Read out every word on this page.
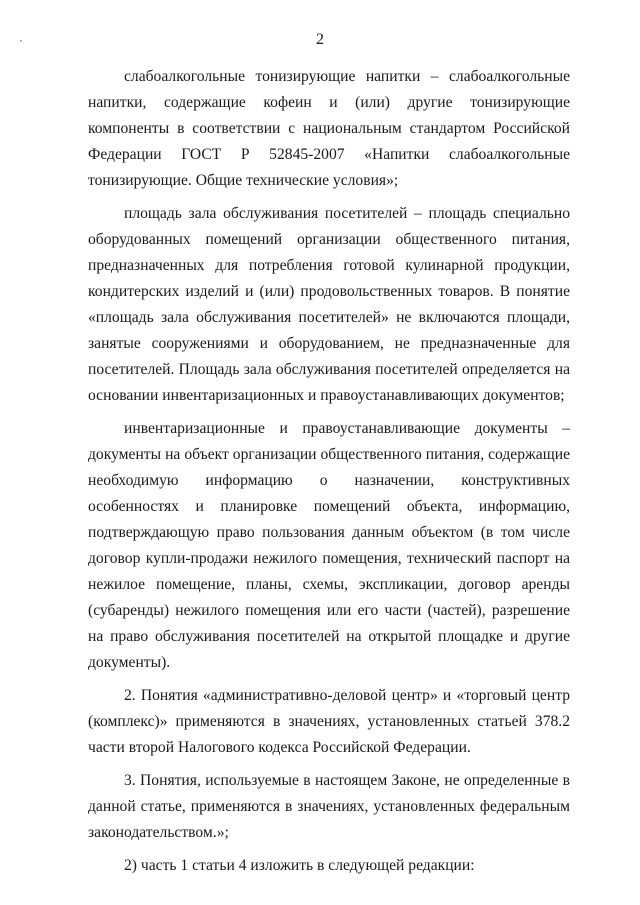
2

слабоалкогольные тонизирующие напитки – слабоалкогольные напитки, содержащие кофеин и (или) другие тонизирующие компоненты в соответствии с национальным стандартом Российской Федерации ГОСТ Р 52845-2007 «Напитки слабоалкогольные тонизирующие. Общие технические условия»;

площадь зала обслуживания посетителей – площадь специально оборудованных помещений организации общественного питания, предназначенных для потребления готовой кулинарной продукции, кондитерских изделий и (или) продовольственных товаров. В понятие «площадь зала обслуживания посетителей» не включаются площади, занятые сооружениями и оборудованием, не предназначенные для посетителей. Площадь зала обслуживания посетителей определяется на основании инвентаризационных и правоустанавливающих документов;

инвентаризационные и правоустанавливающие документы – документы на объект организации общественного питания, содержащие необходимую информацию о назначении, конструктивных особенностях и планировке помещений объекта, информацию, подтверждающую право пользования данным объектом (в том числе договор купли-продажи нежилого помещения, технический паспорт на нежилое помещение, планы, схемы, экспликации, договор аренды (субаренды) нежилого помещения или его части (частей), разрешение на право обслуживания посетителей на открытой площадке и другие документы).

2. Понятия «административно-деловой центр» и «торговый центр (комплекс)» применяются в значениях, установленных статьей 378.2 части второй Налогового кодекса Российской Федерации.

3. Понятия, используемые в настоящем Законе, не определенные в данной статье, применяются в значениях, установленных федеральным законодательством.»;

2) часть 1 статьи 4 изложить в следующей редакции:
